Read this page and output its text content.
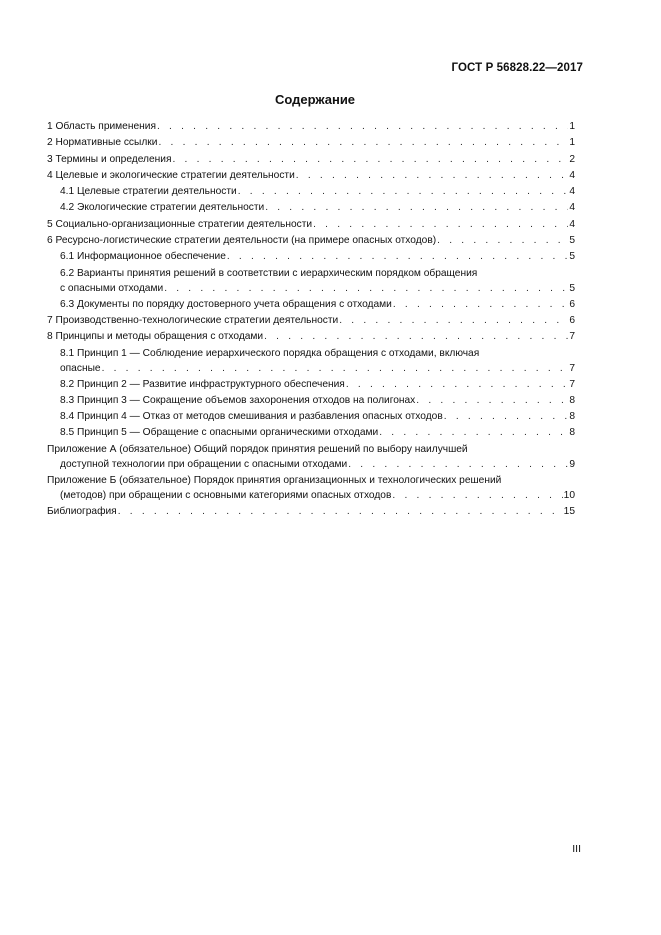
ГОСТ Р 56828.22—2017
Содержание
1 Область применения . . .	1
2 Нормативные ссылки . . .	1
3 Термины и определения . . .	2
4 Целевые и экологические стратегии деятельности . . .	4
4.1 Целевые стратегии деятельности . . .	4
4.2 Экологические стратегии деятельности . . .	4
5 Социально-организационные стратегии деятельности . . .	4
6 Ресурсно-логистические стратегии деятельности (на примере опасных отходов) . . .	5
6.1 Информационное обеспечение . . .	5
6.2 Варианты принятия решений в соответствии с иерархическим порядком обращения
с опасными отходами . . .	5
6.3 Документы по порядку достоверного учета обращения с отходами . . .	6
7 Производственно-технологические стратегии деятельности . . .	6
8 Принципы и методы обращения с отходами . . .	7
8.1 Принцип 1 — Соблюдение иерархического порядка обращения с отходами, включая
опасные . . .	7
8.2 Принцип 2 — Развитие инфраструктурного обеспечения . . .	7
8.3 Принцип 3 — Сокращение объемов захоронения отходов на полигонах . . .	8
8.4 Принцип 4 — Отказ от методов смешивания и разбавления опасных отходов . . .	8
8.5 Принцип 5 — Обращение с опасными органическими отходами . . .	8
Приложение А (обязательное) Общий порядок принятия решений по выбору наилучшей
доступной технологии при обращении с опасными отходами . . .	9
Приложение Б (обязательное) Порядок принятия организационных и технологических решений
(методов) при обращении с основными категориями опасных отходов . . .	10
Библиография . . .	15
III
